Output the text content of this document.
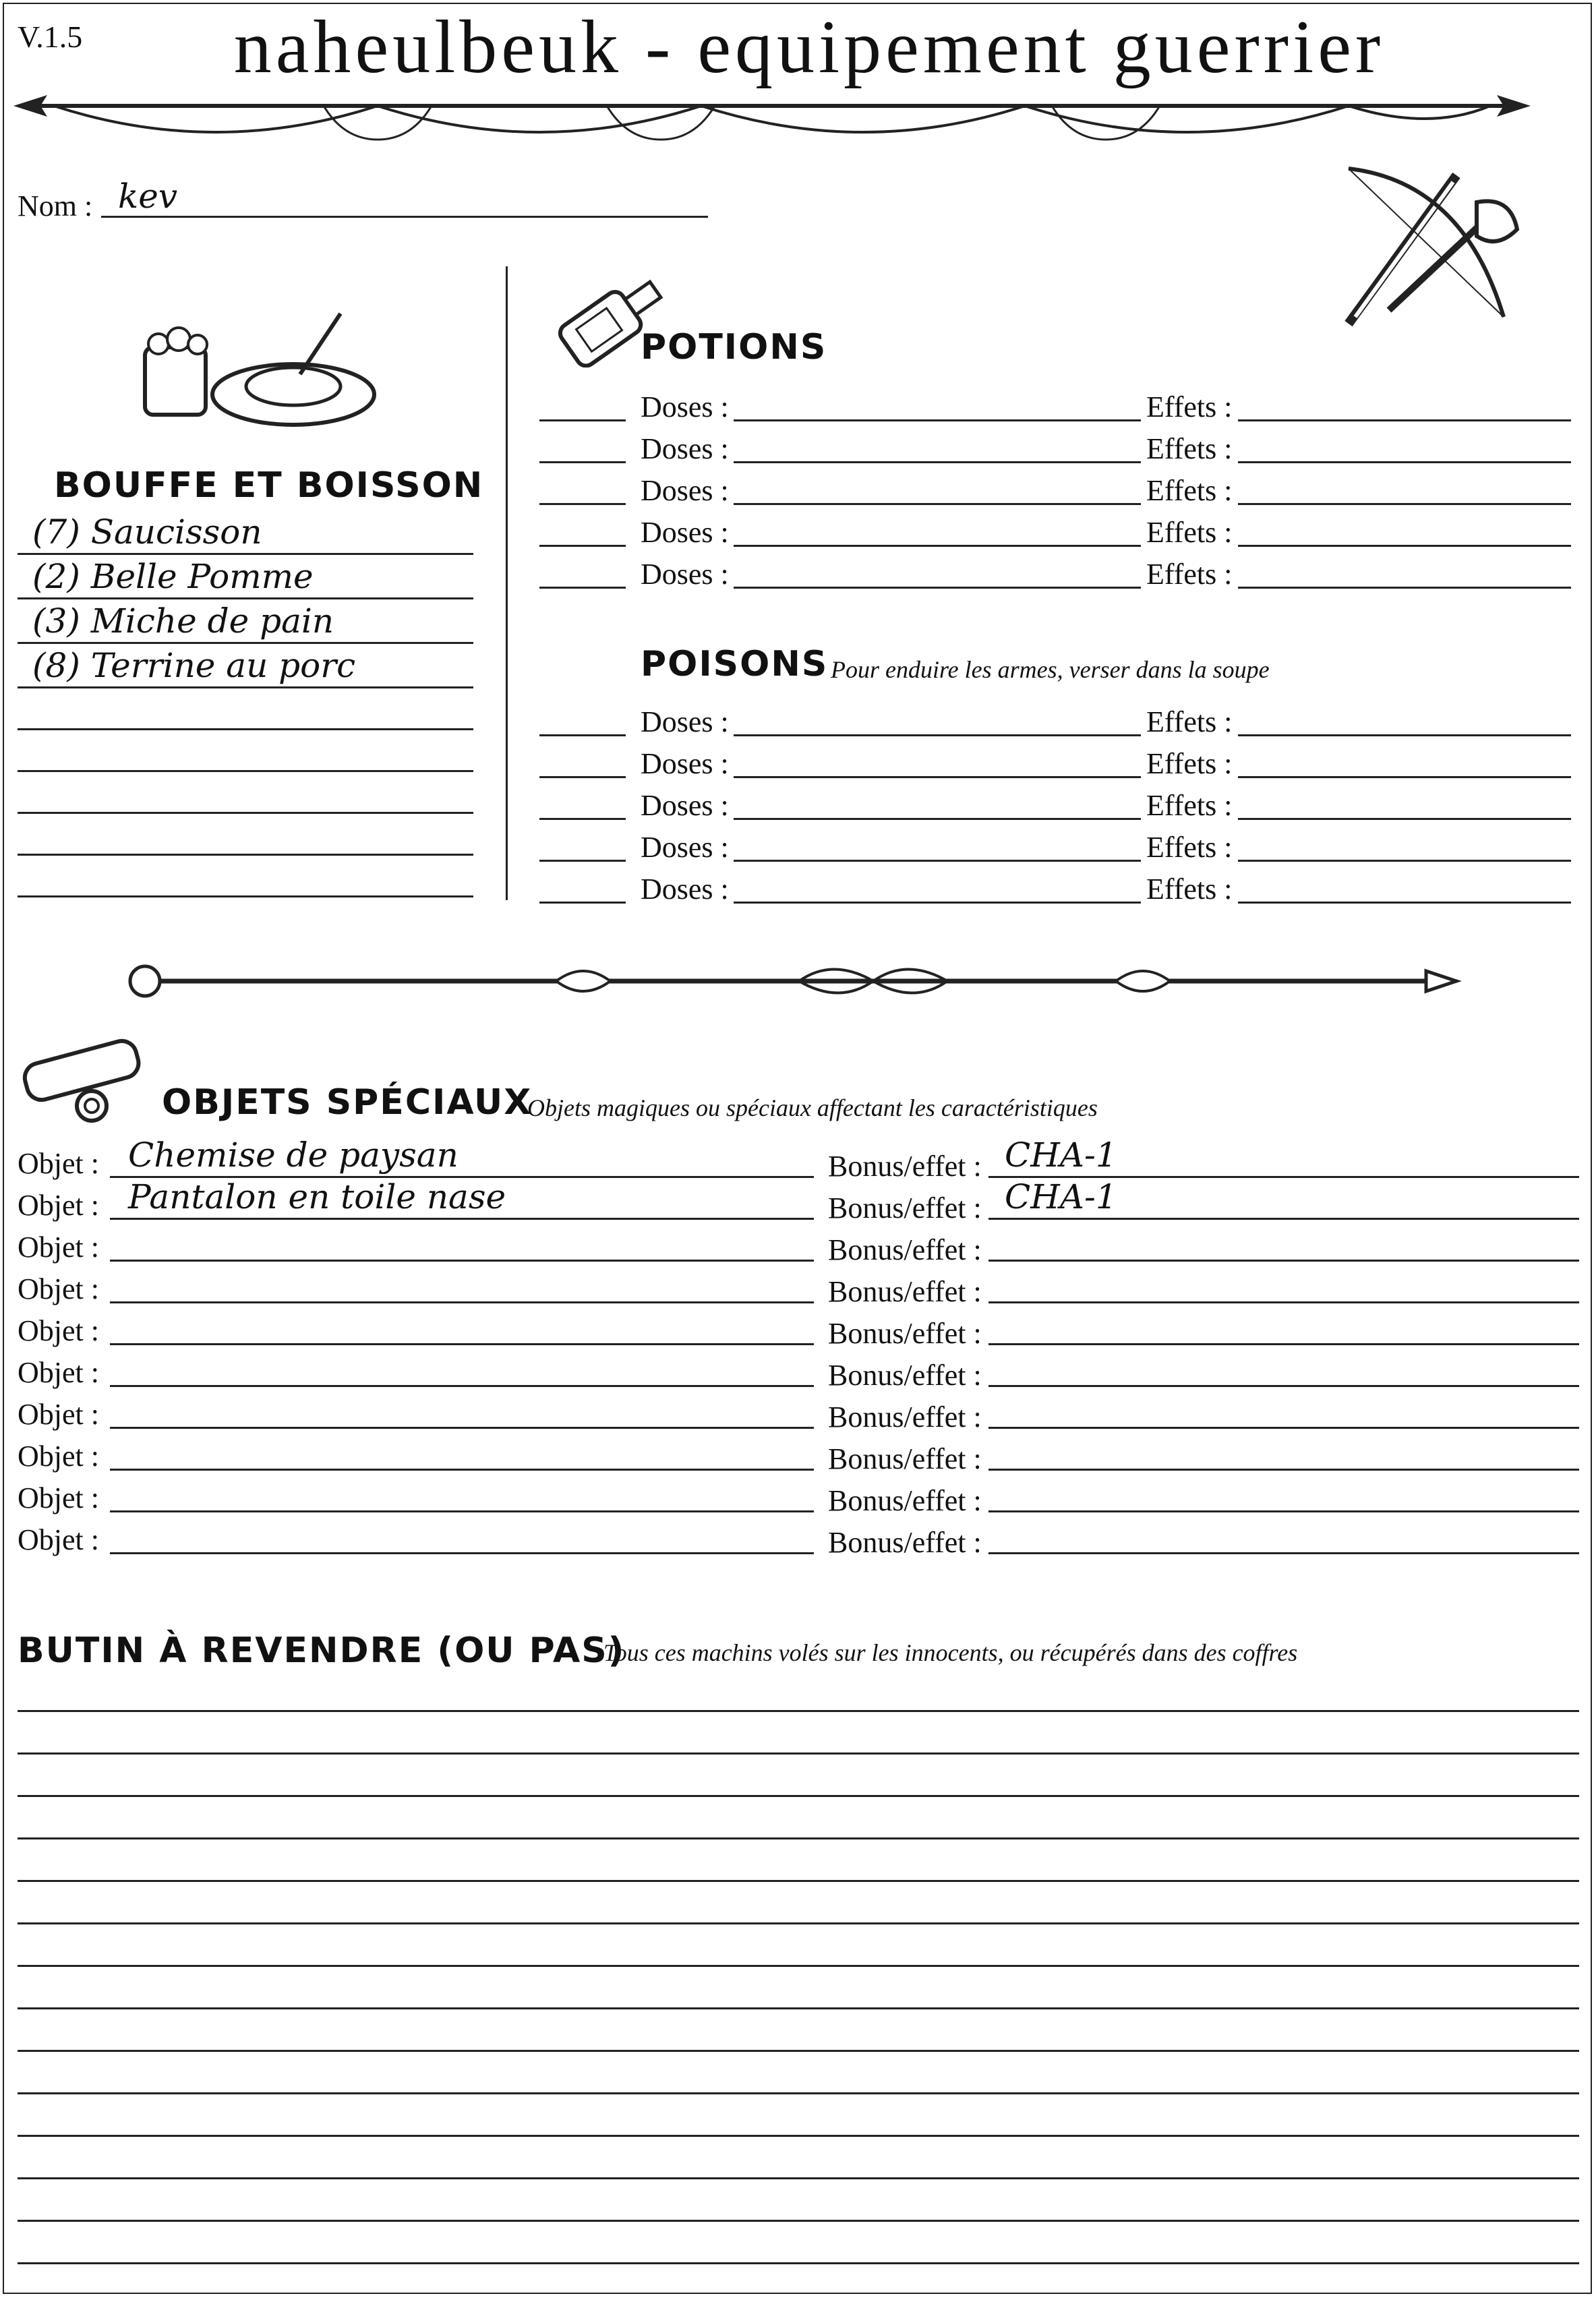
V.1.5	naheulbeuk - equipement guerrier
Nom : kev
BOUFFE ET BOISSON
(7) Saucisson
(2) Belle Pomme
(3) Miche de pain
(8) Terrine au porc
POTIONS
Doses :	Effets :
Doses :	Effets :
Doses :	Effets :
Doses :	Effets :
Doses :	Effets :
POISONS Pour enduire les armes, verser dans la soupe
Doses :	Effets :
Doses :	Effets :
Doses :	Effets :
Doses :	Effets :
Doses :	Effets :
OBJETS SPÉCIAUX
Objets magiques ou spéciaux affectant les caractéristiques
Objet : Chemise de paysan	Bonus/effet : CHA-1
Objet : Pantalon en toile nase	Bonus/effet : CHA-1
Objet :	Bonus/effet :
Objet :	Bonus/effet :
Objet :	Bonus/effet :
Objet :	Bonus/effet :
Objet :	Bonus/effet :
Objet :	Bonus/effet :
Objet :	Bonus/effet :
Objet :	Bonus/effet :
BUTIN À REVENDRE (OU PAS)
Tous ces machins volés sur les innocents, ou récupérés dans des coffres
